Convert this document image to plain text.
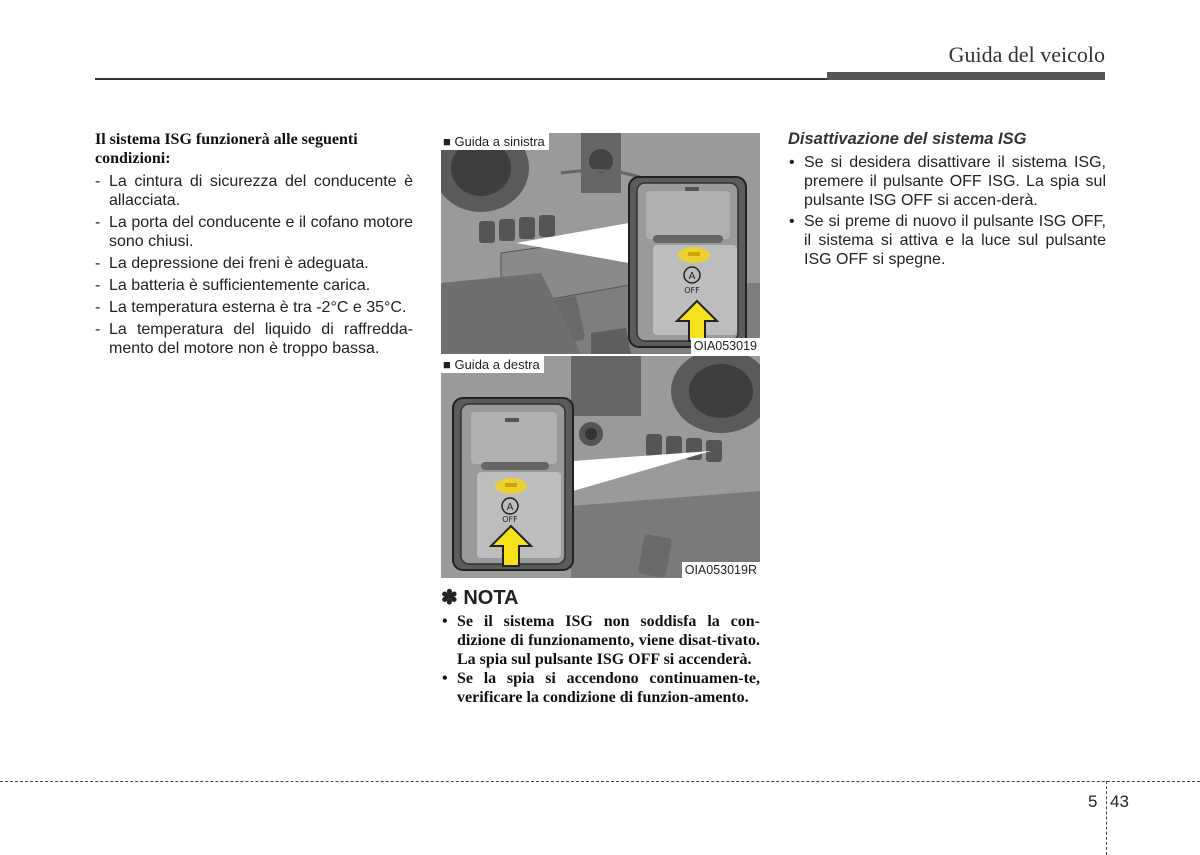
Guida del veicolo

Il sistema ISG funzionerà alle seguenti condizioni:

- La cintura di sicurezza del conducente è allacciata.
- La porta del conducente e il cofano motore sono chiusi.
- La depressione dei freni è adeguata.
- La batteria è sufficientemente carica.
- La temperatura esterna è tra -2°C e 35°C.
- La temperatura del liquido di raffredda-mento del motore non è troppo bassa.
A
OFF
■ Guida a sinistra
OIA053019
A
OFF
■ Guida a destra
OIA053019R
✽ NOTA
• Se il sistema ISG non soddisfa la con-dizione di funzionamento, viene disat-tivato. La spia sul pulsante ISG OFF si accenderà.
• Se la spia si accendono continuamen-te, verificare la condizione di funzion-amento.
Disattivazione del sistema ISG
• Se si desidera disattivare il sistema ISG, premere il pulsante OFF ISG. La spia sul pulsante ISG OFF si accen-derà.
• Se si preme di nuovo il pulsante ISG OFF, il sistema si attiva e la luce sul pulsante ISG OFF si spegne.
5 43
